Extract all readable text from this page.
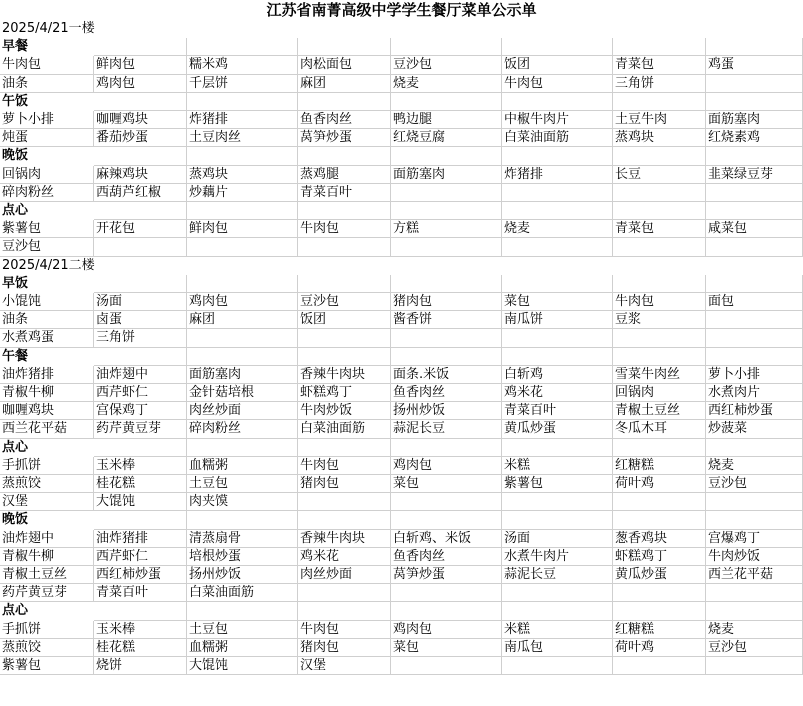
江苏省南菁高级中学学生餐厅菜单公示单
2025/4/21一楼
早餐
牛肉包	鲜肉包	糯米鸡	肉松面包	豆沙包	饭团	青菜包	鸡蛋
油条	鸡肉包	千层饼	麻团	烧麦	牛肉包	三角饼
午饭
萝卜小排	咖喱鸡块	炸猪排	鱼香肉丝	鸭边腿	中椒牛肉片	土豆牛肉	面筋塞肉
炖蛋	番茄炒蛋	土豆肉丝	莴笋炒蛋	红烧豆腐	白菜油面筋	蒸鸡块	红烧素鸡
晚饭
回锅肉	麻辣鸡块	蒸鸡块	蒸鸡腿	面筋塞肉	炸猪排	长豆	韭菜绿豆芽
碎肉粉丝	西葫芦红椒	炒藕片	青菜百叶
点心
紫薯包	开花包	鲜肉包	牛肉包	方糕	烧麦	青菜包	咸菜包
豆沙包
2025/4/21二楼
早饭
小馄饨	汤面	鸡肉包	豆沙包	猪肉包	菜包	牛肉包	面包
油条	卤蛋	麻团	饭团	酱香饼	南瓜饼	豆浆
水煮鸡蛋	三角饼
午餐
油炸猪排	油炸翅中	面筋塞肉	香辣牛肉块	面条.米饭	白斩鸡	雪菜牛肉丝	萝卜小排
青椒牛柳	西芹虾仁	金针菇培根	虾糕鸡丁	鱼香肉丝	鸡米花	回锅肉	水煮肉片
咖喱鸡块	宫保鸡丁	肉丝炒面	牛肉炒饭	扬州炒饭	青菜百叶	青椒土豆丝	西红柿炒蛋
西兰花平菇	药芹黄豆芽	碎肉粉丝	白菜油面筋	蒜泥长豆	黄瓜炒蛋	冬瓜木耳	炒菠菜
点心
手抓饼	玉米棒	血糯粥	牛肉包	鸡肉包	米糕	红糖糕	烧麦
蒸煎饺	桂花糕	土豆包	猪肉包	菜包	紫薯包	荷叶鸡	豆沙包
汉堡	大馄饨	肉夹馍
晚饭
油炸翅中	油炸猪排	清蒸扇骨	香辣牛肉块	白斩鸡、米饭	汤面	葱香鸡块	宫爆鸡丁
青椒牛柳	西芹虾仁	培根炒蛋	鸡米花	鱼香肉丝	水煮牛肉片	虾糕鸡丁	牛肉炒饭
青椒土豆丝	西红柿炒蛋	扬州炒饭	肉丝炒面	莴笋炒蛋	蒜泥长豆	黄瓜炒蛋	西兰花平菇
药芹黄豆芽	青菜百叶	白菜油面筋
点心
手抓饼	玉米棒	土豆包	牛肉包	鸡肉包	米糕	红糖糕	烧麦
蒸煎饺	桂花糕	血糯粥	猪肉包	菜包	南瓜包	荷叶鸡	豆沙包
紫薯包	烧饼	大馄饨	汉堡
